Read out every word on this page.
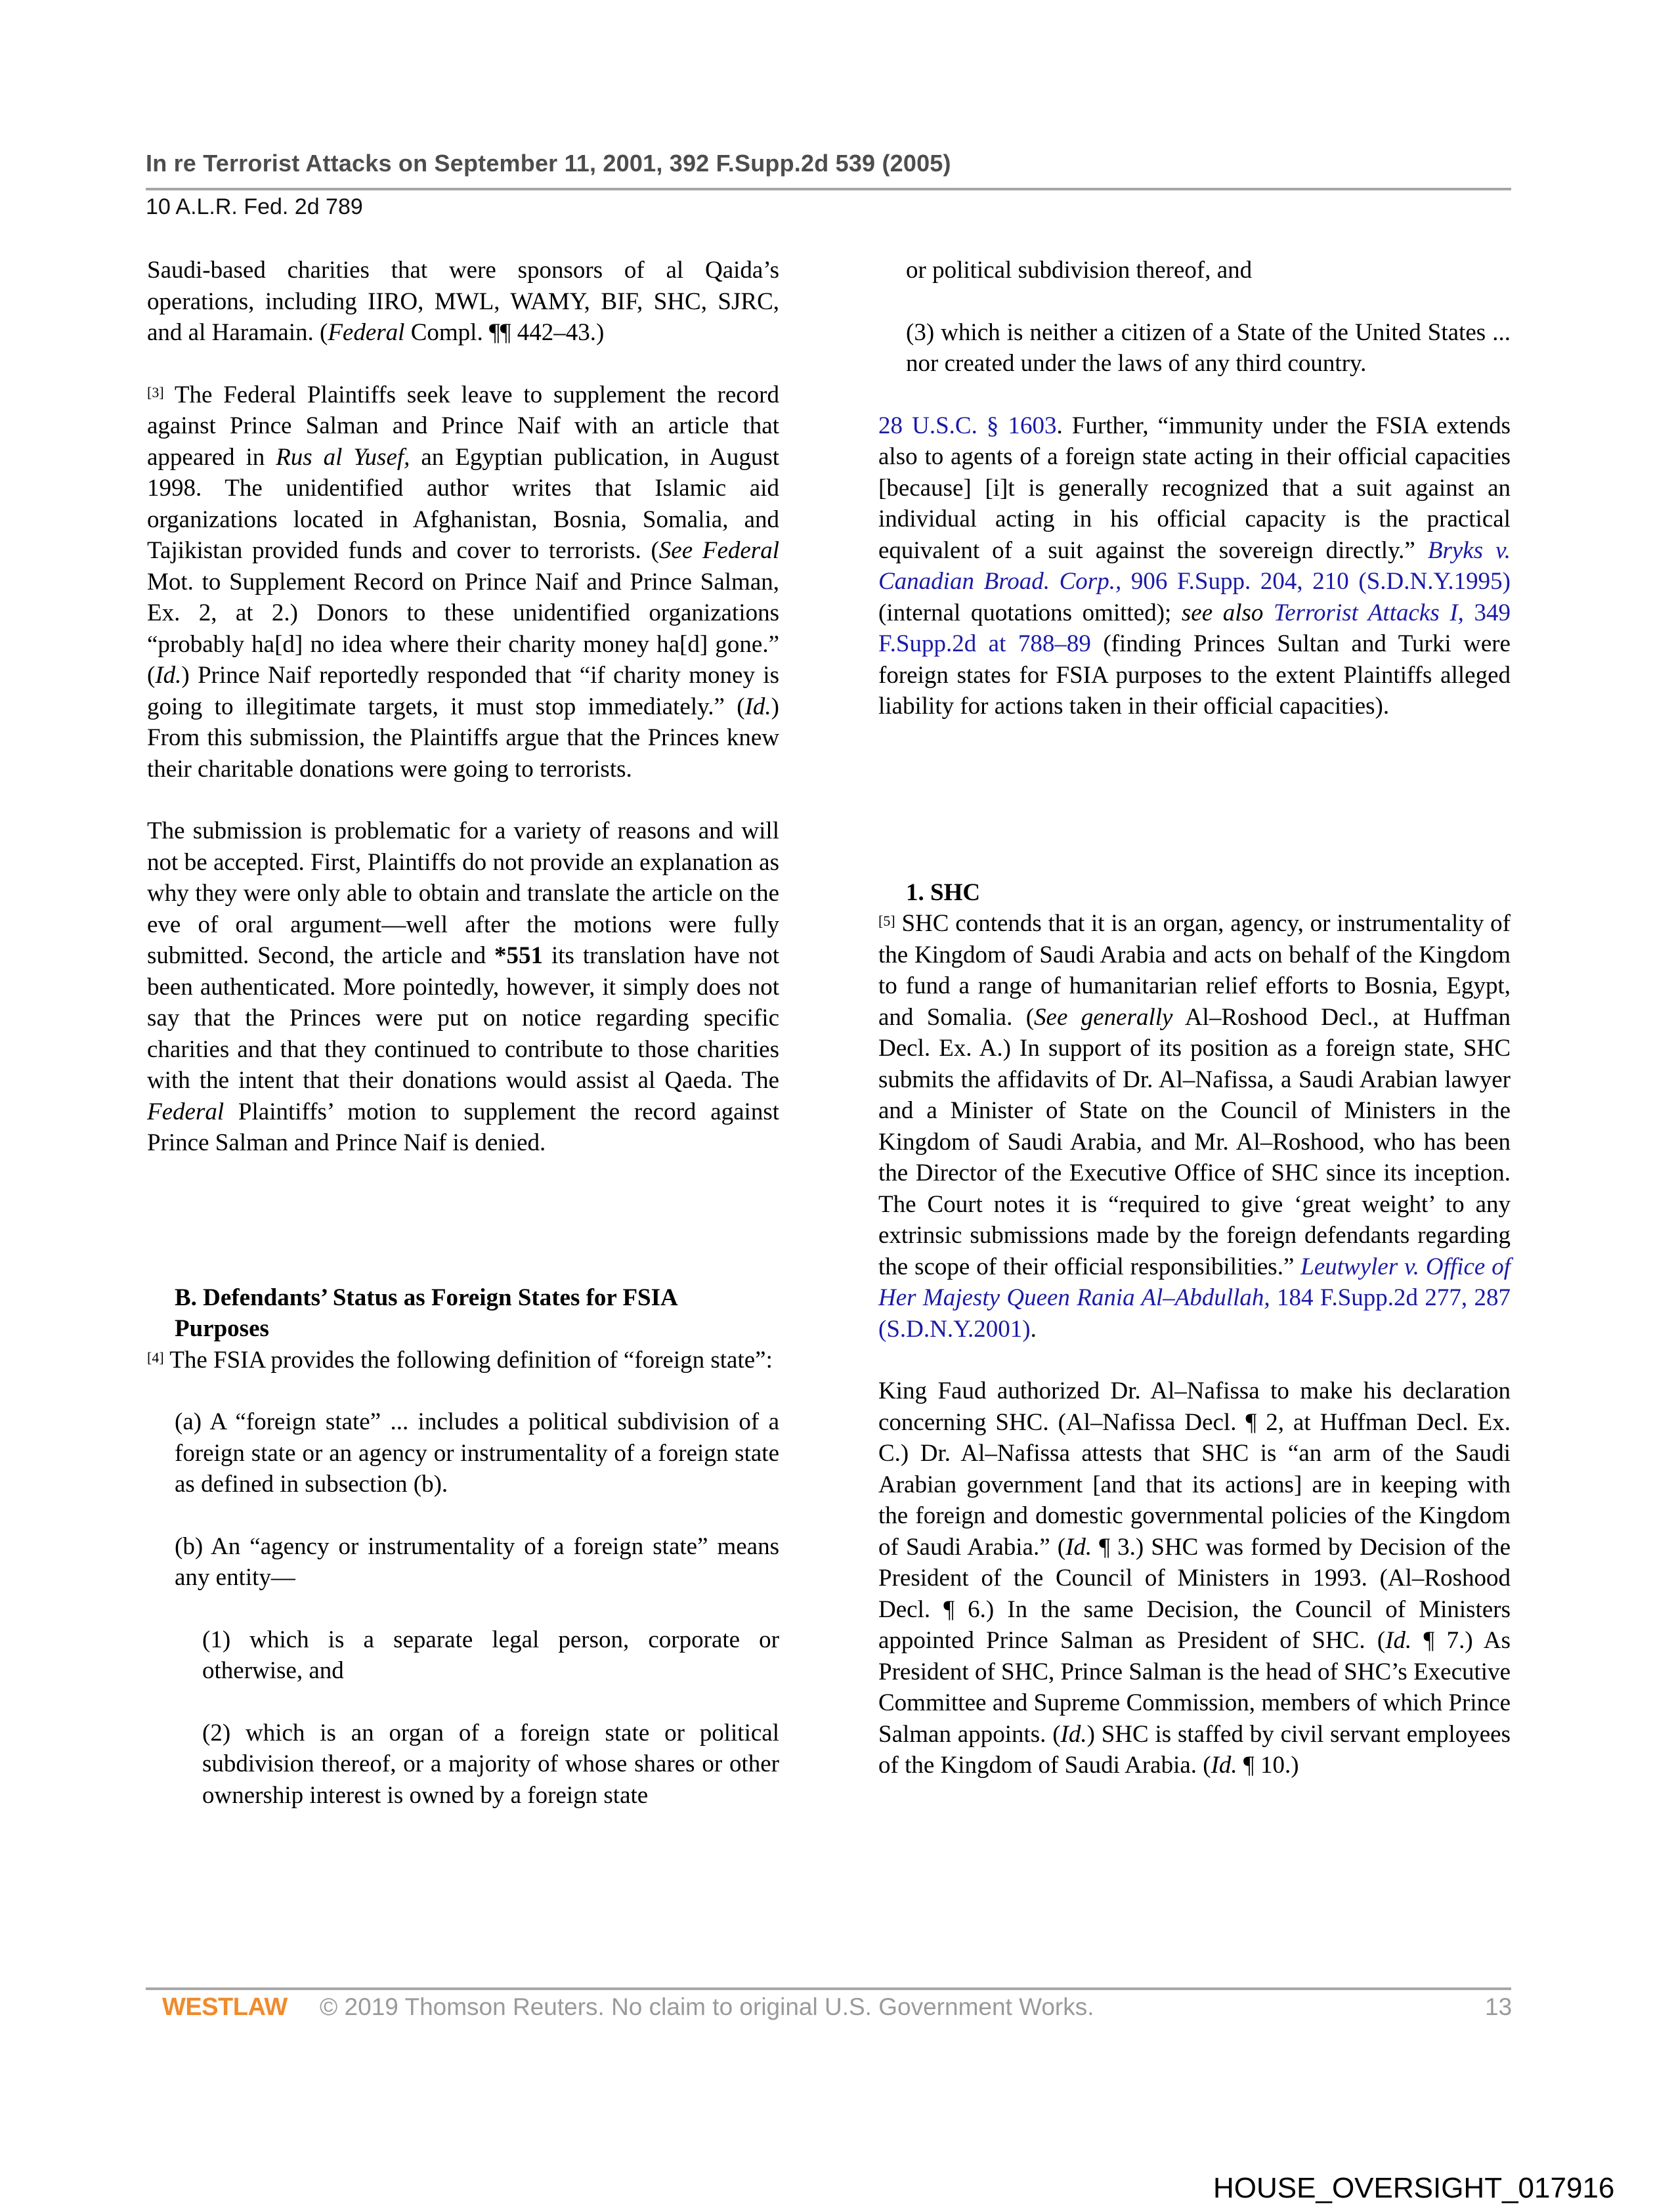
In re Terrorist Attacks on September 11, 2001, 392 F.Supp.2d 539 (2005)
10 A.L.R. Fed. 2d 789

Saudi-based charities that were sponsors of al Qaida’s operations, including IIRO, MWL, WAMY, BIF, SHC, SJRC, and al Haramain. (Federal Compl. ¶¶ 442–43.)

[3] The Federal Plaintiffs seek leave to supplement the record against Prince Salman and Prince Naif with an article that appeared in Rus al Yusef, an Egyptian publication, in August 1998. The unidentified author writes that Islamic aid organizations located in Afghanistan, Bosnia, Somalia, and Tajikistan provided funds and cover to terrorists. (See Federal Mot. to Supplement Record on Prince Naif and Prince Salman, Ex. 2, at 2.) Donors to these unidentified organizations “probably ha[d] no idea where their charity money ha[d] gone.” (Id.) Prince Naif reportedly responded that “if charity money is going to illegitimate targets, it must stop immediately.” (Id.) From this submission, the Plaintiffs argue that the Princes knew their charitable donations were going to terrorists.

The submission is problematic for a variety of reasons and will not be accepted. First, Plaintiffs do not provide an explanation as why they were only able to obtain and translate the article on the eve of oral argument—well after the motions were fully submitted. Second, the article and *551 its translation have not been authenticated. More pointedly, however, it simply does not say that the Princes were put on notice regarding specific charities and that they continued to contribute to those charities with the intent that their donations would assist al Qaeda. The Federal Plaintiffs’ motion to supplement the record against Prince Salman and Prince Naif is denied.

B. Defendants’ Status as Foreign States for FSIA Purposes

[4] The FSIA provides the following definition of “foreign state”:

(a) A “foreign state” ... includes a political subdivision of a foreign state or an agency or instrumentality of a foreign state as defined in subsection (b).

(b) An “agency or instrumentality of a foreign state” means any entity—

(1) which is a separate legal person, corporate or otherwise, and

(2) which is an organ of a foreign state or political subdivision thereof, or a majority of whose shares or other ownership interest is owned by a foreign state

or political subdivision thereof, and

(3) which is neither a citizen of a State of the United States ... nor created under the laws of any third country.

28 U.S.C. § 1603. Further, “immunity under the FSIA extends also to agents of a foreign state acting in their official capacities [because] [i]t is generally recognized that a suit against an individual acting in his official capacity is the practical equivalent of a suit against the sovereign directly.” Bryks v. Canadian Broad. Corp., 906 F.Supp. 204, 210 (S.D.N.Y.1995) (internal quotations omitted); see also Terrorist Attacks I, 349 F.Supp.2d at 788–89 (finding Princes Sultan and Turki were foreign states for FSIA purposes to the extent Plaintiffs alleged liability for actions taken in their official capacities).

1. SHC

[5] SHC contends that it is an organ, agency, or instrumentality of the Kingdom of Saudi Arabia and acts on behalf of the Kingdom to fund a range of humanitarian relief efforts to Bosnia, Egypt, and Somalia. (See generally Al–Roshood Decl., at Huffman Decl. Ex. A.) In support of its position as a foreign state, SHC submits the affidavits of Dr. Al–Nafissa, a Saudi Arabian lawyer and a Minister of State on the Council of Ministers in the Kingdom of Saudi Arabia, and Mr. Al–Roshood, who has been the Director of the Executive Office of SHC since its inception. The Court notes it is “required to give ‘great weight’ to any extrinsic submissions made by the foreign defendants regarding the scope of their official responsibilities.” Leutwyler v. Office of Her Majesty Queen Rania Al–Abdullah, 184 F.Supp.2d 277, 287 (S.D.N.Y.2001).

King Faud authorized Dr. Al–Nafissa to make his declaration concerning SHC. (Al–Nafissa Decl. ¶ 2, at Huffman Decl. Ex. C.) Dr. Al–Nafissa attests that SHC is “an arm of the Saudi Arabian government [and that its actions] are in keeping with the foreign and domestic governmental policies of the Kingdom of Saudi Arabia.” (Id. ¶ 3.) SHC was formed by Decision of the President of the Council of Ministers in 1993. (Al–Roshood Decl. ¶ 6.) In the same Decision, the Council of Ministers appointed Prince Salman as President of SHC. (Id. ¶ 7.) As President of SHC, Prince Salman is the head of SHC’s Executive Committee and Supreme Commission, members of which Prince Salman appoints. (Id.) SHC is staffed by civil servant employees of the Kingdom of Saudi Arabia. (Id. ¶ 10.)

WESTLAW © 2019 Thomson Reuters. No claim to original U.S. Government Works.	13
HOUSE_OVERSIGHT_017916
